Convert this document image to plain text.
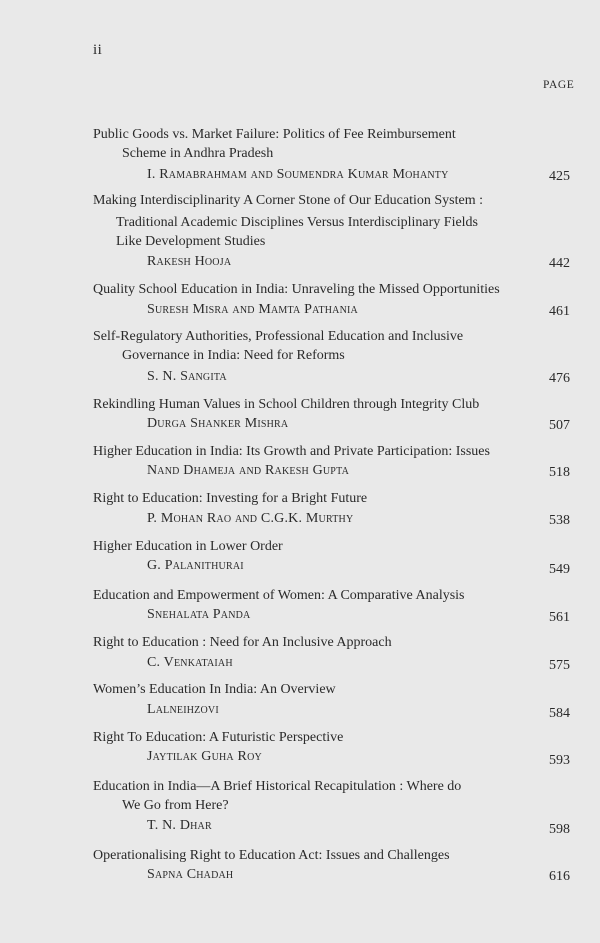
ii
PAGE
Public Goods vs. Market Failure: Politics of Fee Reimbursement
Scheme in Andhra Pradesh
I. Ramabrahmam and Soumendra Kumar Mohanty	425
Making Interdisciplinarity A Corner Stone of Our Education System :
Traditional Academic Disciplines Versus Interdisciplinary Fields
Like Development Studies
Rakesh Hooja	442
Quality School Education in India: Unraveling the Missed Opportunities
Suresh Misra and Mamta Pathania	461
Self-Regulatory Authorities, Professional Education and Inclusive
Governance in India: Need for Reforms
S. N. Sangita	476
Rekindling Human Values in School Children through Integrity Club
Durga Shanker Mishra	507
Higher Education in India: Its Growth and Private Participation: Issues
Nand Dhameja and Rakesh Gupta	518
Right to Education: Investing for a Bright Future
P. Mohan Rao and C.G.K. Murthy	538
Higher Education in Lower Order
G. Palanithurai	549
Education and Empowerment of Women: A Comparative Analysis
Snehalata Panda	561
Right to Education : Need for An Inclusive Approach
C. Venkataiah	575
Women’s Education In India: An Overview
Lalneihzovi	584
Right To Education: A Futuristic Perspective
Jaytilak Guha Roy	593
Education in India—A Brief Historical Recapitulation : Where do
We Go from Here?
T. N. Dhar	598
Operationalising Right to Education Act: Issues and Challenges
Sapna Chadah	616
